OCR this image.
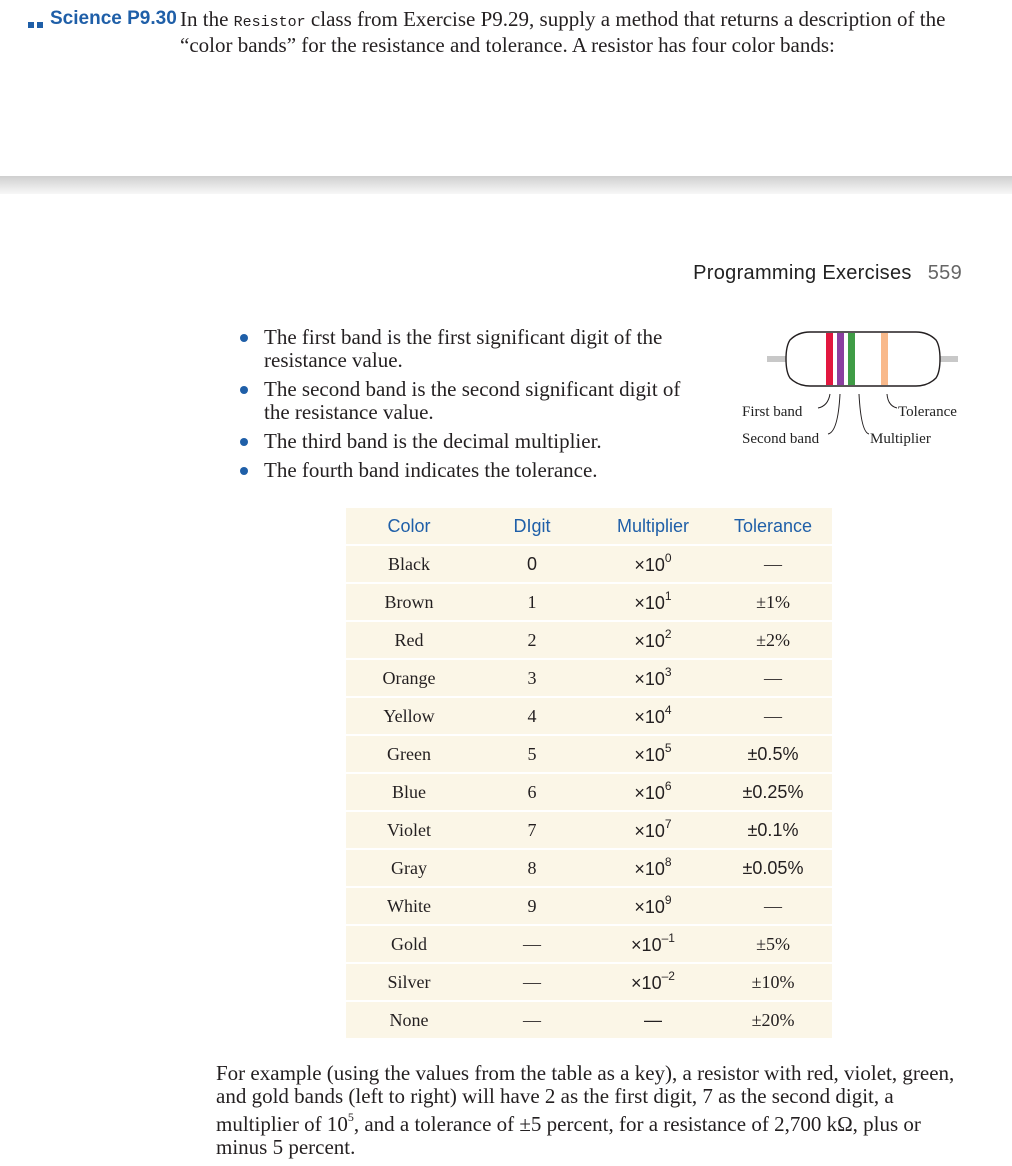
Science P9.30 In the Resistor class from Exercise P9.29, supply a method that returns a description of the “color bands” for the resistance and tolerance. A resistor has four color bands:
Programming Exercises 559
The first band is the first significant digit of the resistance value.
The second band is the second significant digit of the resistance value.
The third band is the decimal multiplier.
The fourth band indicates the tolerance.
First band
Second band
Tolerance
Multiplier
Color	DIgit	Multiplier	Tolerance
Black	0	$\times 10^0$	—
Brown	1	$\times 10^1$	±1%
Red	2	$\times 10^2$	±2%
Orange	3	$\times 10^3$	—
Yellow	4	$\times 10^4$	—
Green	5	$\times 10^5$	±0.5%
Blue	6	$\times 10^6$	±0.25%
Violet	7	$\times 10^7$	±0.1%
Gray	8	$\times 10^8$	±0.05%
White	9	$\times 10^9$	—
Gold	—	$\times 10^{-1}$	±5%
Silver	—	$\times 10^{-2}$	±10%
None	—	—	±20%
For example (using the values from the table as a key), a resistor with red, violet, green, and gold bands (left to right) will have 2 as the first digit, 7 as the second digit, a multiplier of $10^5$, and a tolerance of ±5 percent, for a resistance of 2,700 kΩ, plus or minus 5 percent.
